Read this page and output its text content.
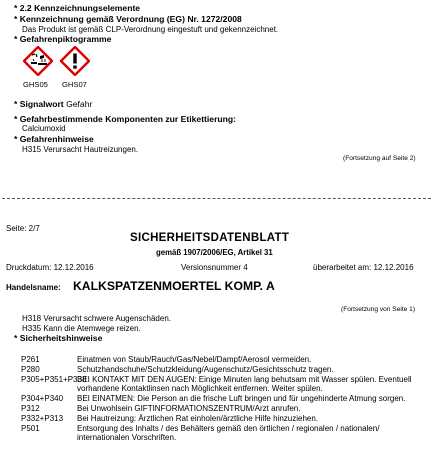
* 2.2 Kennzeichnungselemente
* Kennzeichnung gemäß Verordnung (EG) Nr. 1272/2008
Das Produkt ist gemäß CLP-Verordnung eingestuft und gekennzeichnet.
* Gefahrenpiktogramme
GHS05 GHS07
* Signalwort Gefahr
* Gefahrbestimmende Komponenten zur Etikettierung:
Calciumoxid
* Gefahrenhinweise
H315 Verursacht Hautreizungen.
(Fortsetzung auf Seite 2)
Seite: 2/7
SICHERHEITSDATENBLATT
gemäß 1907/2006/EG, Artikel 31
Druckdatum: 12.12.2016	Versionsnummer 4	überarbeitet am: 12.12.2016
Handelsname: KALKSPATZENMOERTEL KOMP. A
(Fortsetzung von Seite 1)
H318 Verursacht schwere Augenschäden.
H335 Kann die Atemwege reizen.
* Sicherheitshinweise
P261	Einatmen von Staub/Rauch/Gas/Nebel/Dampf/Aerosol vermeiden.
P280	Schutzhandschuhe/Schutzkleidung/Augenschutz/Gesichtsschutz tragen.
P305+P351+P338
BEI KONTAKT MIT DEN AUGEN: Einige Minuten lang behutsam mit Wasser spülen. Eventuell vorhandene Kontaktlinsen nach Möglichkeit entfernen. Weiter spülen.
P304+P340	BEI EINATMEN: Die Person an die frische Luft bringen und für ungehinderte Atmung sorgen.
P312	Bei Unwohlsein GIFTINFORMATIONSZENTRUM/Arzt anrufen.
P332+P313	Bei Hautreizung: Ärztlichen Rat einholen/ärztliche Hilfe hinzuziehen.
P501	Entsorgung des Inhalts / des Behälters gemäß den örtlichen / regionalen / nationalen/ internationalen Vorschriften.
